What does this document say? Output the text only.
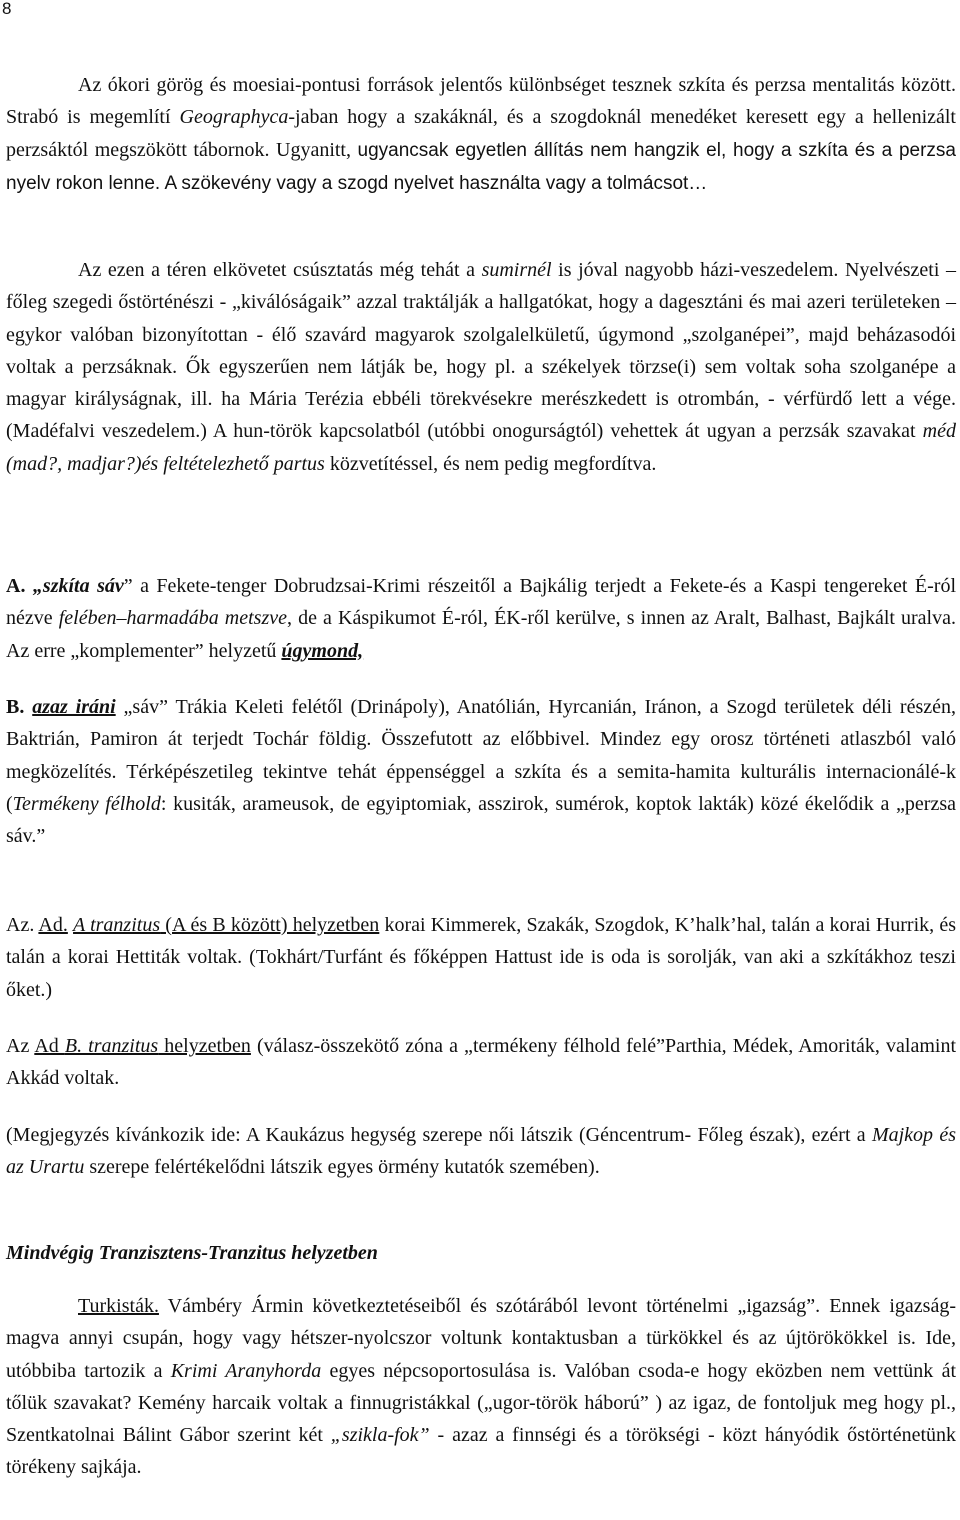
8

Az ókori görög és moesiai-pontusi források jelentős különbséget tesznek szkíta és perzsa mentalitás között. Strabó is megemlítí Geographyca-jaban hogy a szakáknál, és a szogdoknál menedéket keresett egy a hellenizált perzsáktól megszökött tábornok. Ugyanitt, ugyancsak egyetlen állítás nem hangzik el, hogy a szkíta és a perzsa nyelv rokon lenne. A szökevény vagy a szogd nyelvet használta vagy a tolmácsot…

Az ezen a téren elkövetet csúsztatás még tehát a sumirnél is jóval nagyobb házi-veszedelem. Nyelvészeti – főleg szegedi őstörténészi - „kiválóságaik” azzal traktálják a hallgatókat, hogy a dagesztáni és mai azeri területeken – egykor valóban bizonyítottan - élő szavárd magyarok szolgalelkületű, úgymond „szolganépei”, majd beházasodói voltak a perzsáknak. Ők egyszerűen nem látják be, hogy pl. a székelyek törzse(i) sem voltak soha szolganépe a magyar királyságnak, ill. ha Mária Terézia ebbéli törekvésekre merészkedett is otrombán, - vérfürdő lett a vége. (Madéfalvi veszedelem.) A hun-török kapcsolatból (utóbbi onogurságtól) vehettek át ugyan a perzsák szavakat méd (mad?, madjar?)és feltételezhető partus közvetítéssel, és nem pedig megfordítva.

A. „szkíta sáv” a Fekete-tenger Dobrudzsai-Krimi részeitől a Bajkálig terjedt a Fekete-és a Kaspi tengereket É-ról nézve felében–harmadába metszve, de a Káspikumot É-ról, ÉK-ről kerülve, s innen az Aralt, Balhast, Bajkált uralva. Az erre „komplementer” helyzetű úgymond,

B. azaz iráni „sáv” Trákia Keleti felétől (Drinápoly), Anatólián, Hyrcanián, Iránon, a Szogd területek déli részén, Baktrián, Pamiron át terjedt Tochár földig. Összefutott az előbbivel. Mindez egy orosz történeti atlaszból való megközelítés. Térképészetileg tekintve tehát éppenséggel a szkíta és a semita-hamita kulturális internacionálé-k (Termékeny félhold: kusiták, arameusok, de egyiptomiak, asszirok, sumérok, koptok lakták) közé ékelődik a „perzsa sáv.”

Az. Ad. A tranzitus (A és B között) helyzetben korai Kimmerek, Szakák, Szogdok, K’halk’hal, talán a korai Hurrik, és talán a korai Hettiták voltak. (Tokhárt/Turfánt és főképpen Hattust ide is oda is sorolják, van aki a szkítákhoz teszi őket.)

Az Ad B. tranzitus helyzetben (válasz-összekötő zóna a „termékeny félhold felé”Parthia, Médek, Amoriták, valamint Akkád voltak.

(Megjegyzés kívánkozik ide: A Kaukázus hegység szerepe női látszik (Géncentrum- Főleg észak), ezért a Majkop és az Urartu szerepe felértékelődni látszik egyes örmény kutatók szemében).

Mindvégig Tranzisztens-Tranzitus helyzetben

Turkisták. Vámbéry Ármin következtetéseiből és szótárából levont történelmi „igazság”. Ennek igazság-magva annyi csupán, hogy vagy hétszer-nyolcszor voltunk kontaktusban a türkökkel és az újtörökökkel is. Ide, utóbbiba tartozik a Krimi Aranyhorda egyes népcsoportosulása is. Valóban csoda-e hogy eközben nem vettünk át tőlük szavakat? Kemény harcaik voltak a finnugristákkal („ugor-török háború” ) az igaz, de fontoljuk meg hogy pl., Szentkatolnai Bálint Gábor szerint két „szikla-fok” - azaz a finnségi és a törökségi - közt hányódik őstörténetünk törékeny sajkája.
